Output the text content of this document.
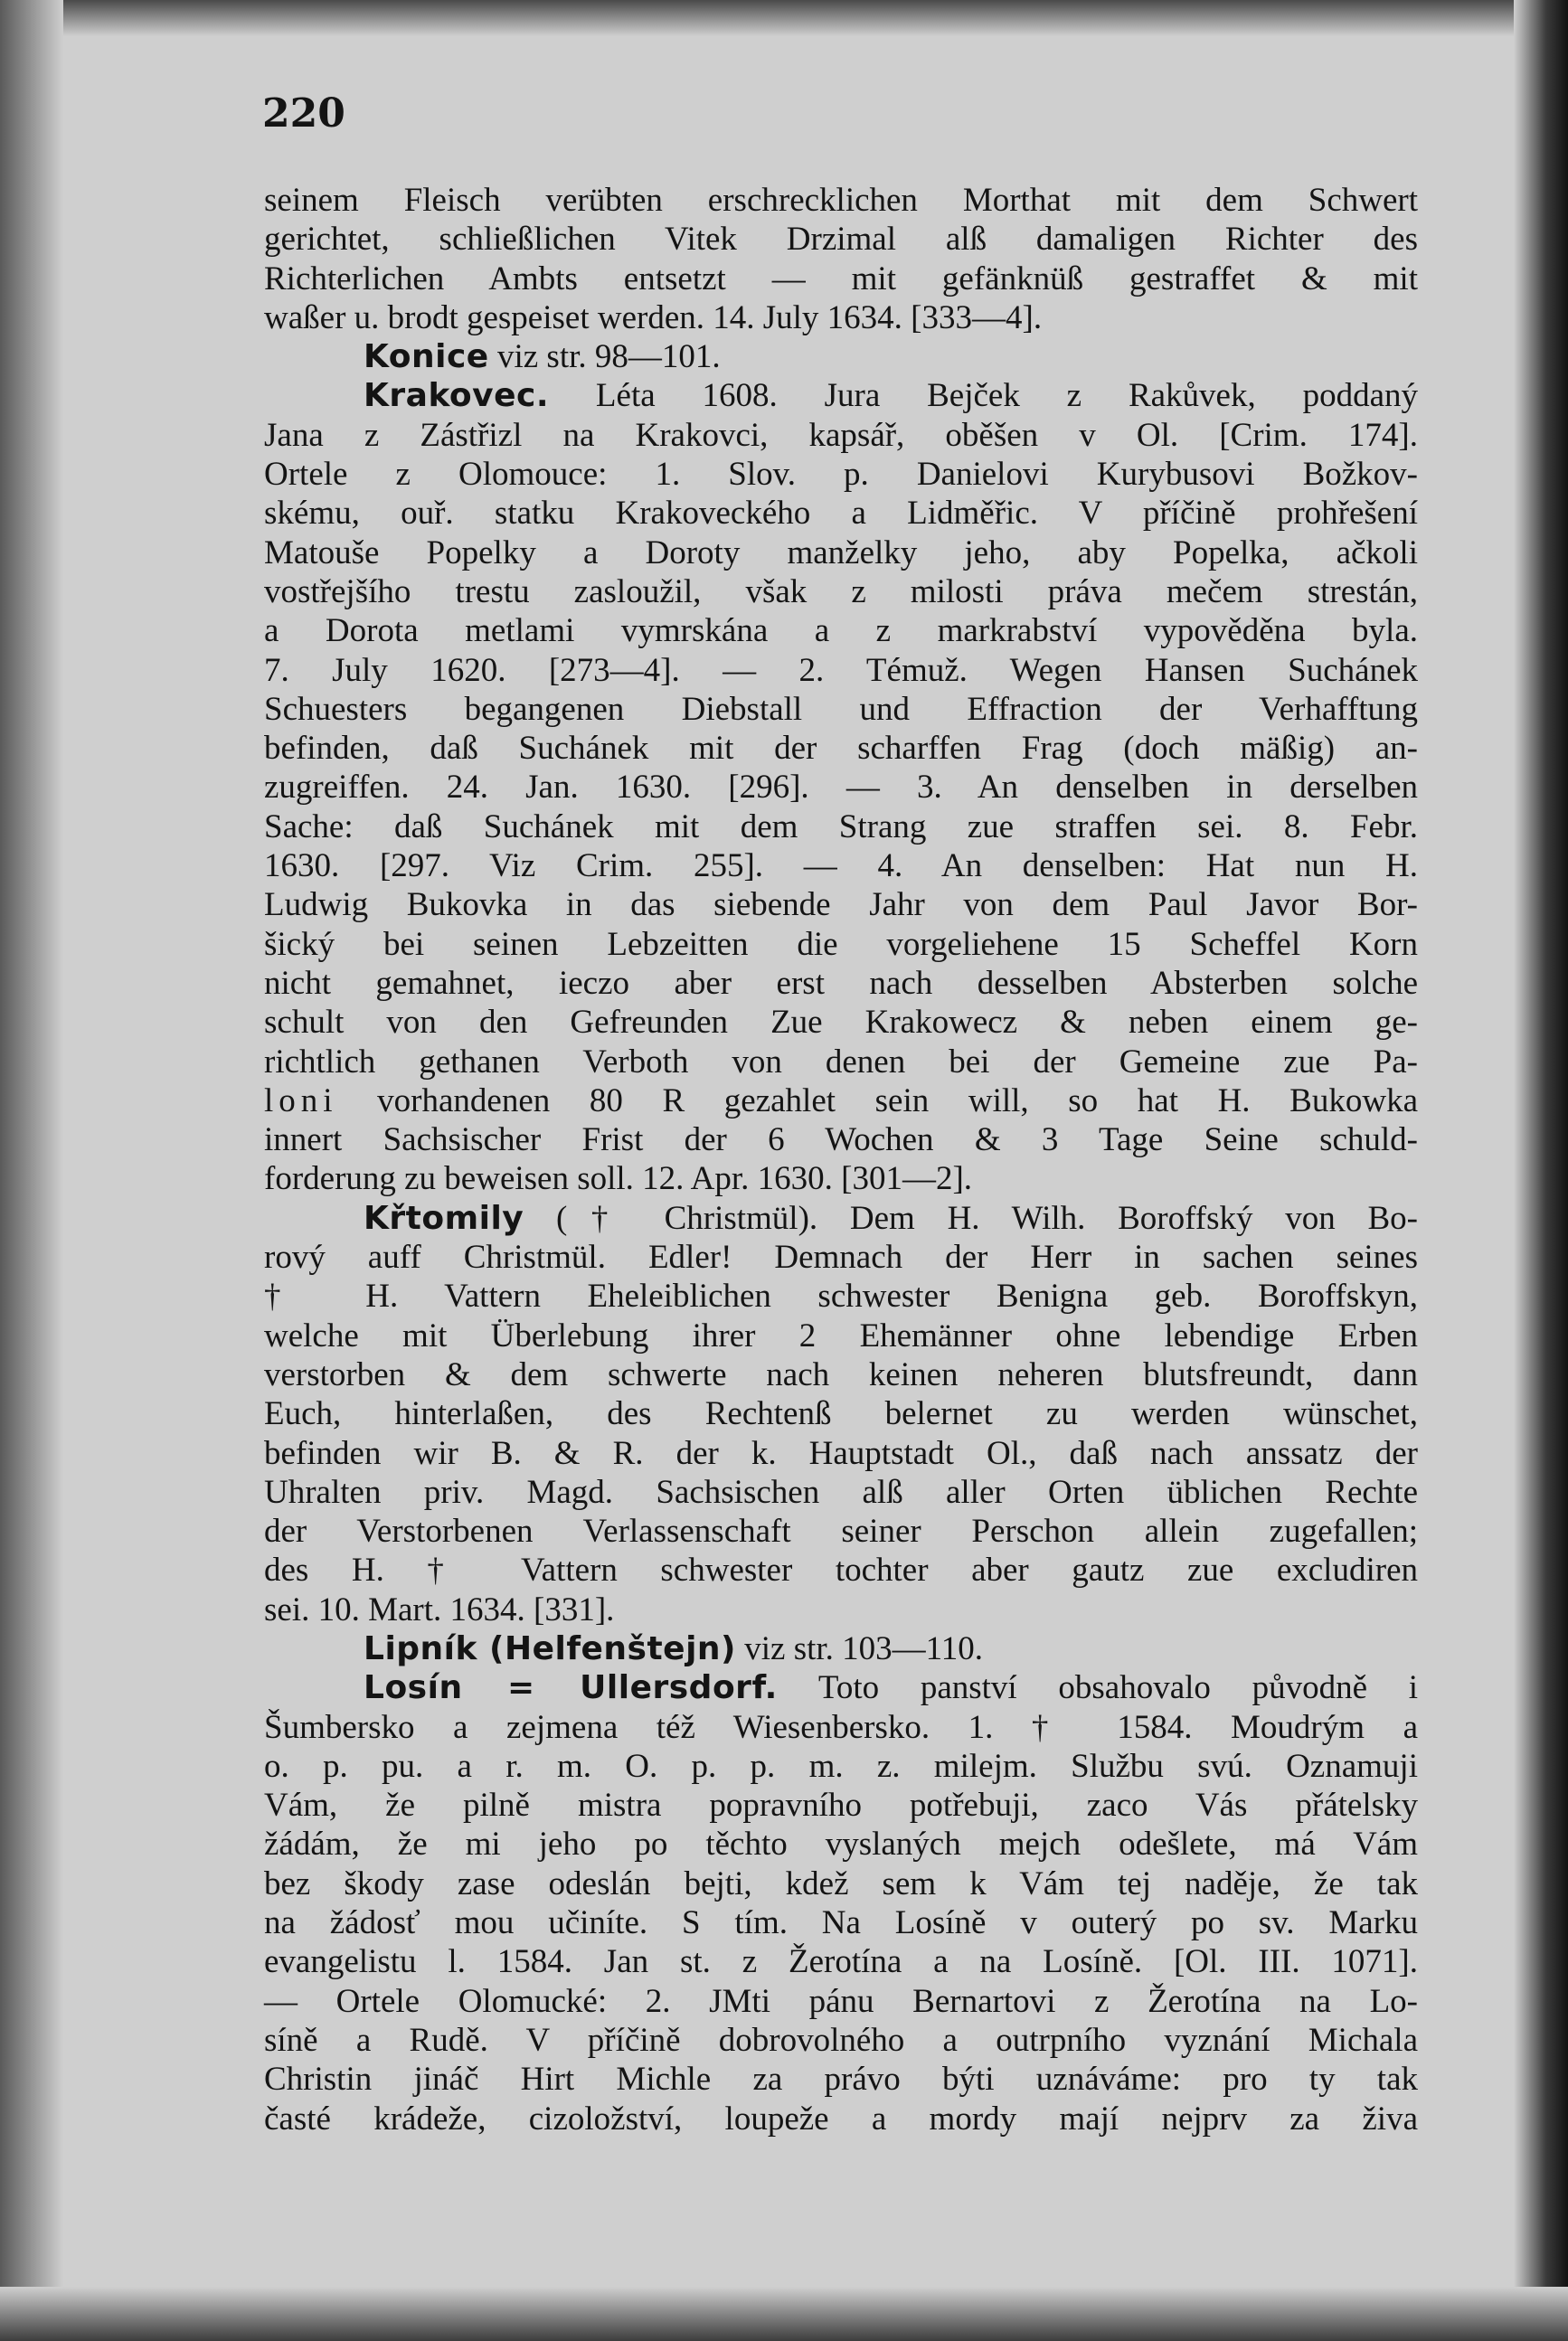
220
seinem Fleisch verübten erschrecklichen Morthat mit dem Schwert
gerichtet, schließlichen Vitek Drzimal alß damaligen Richter des
Richterlichen Ambts entsetzt — mit gefänknüß gestraffet & mit
waßer u. brodt gespeiset werden. 14. July 1634. [333—4].
Konice viz str. 98—101.
Krakovec. Léta 1608. Jura Bejček z Rakůvek, poddaný
Jana z Zástřizl na Krakovci, kapsář, oběšen v Ol. [Crim. 174].
Ortele z Olomouce: 1. Slov. p. Danielovi Kurybusovi Božkov-
skému, ouř. statku Krakoveckého a Lidměřic. V příčině prohřešení
Matouše Popelky a Doroty manželky jeho, aby Popelka, ačkoli
vostřejšího trestu zasloužil, však z milosti práva mečem strestán,
a Dorota metlami vymrskána a z markrabství vypověděna byla.
7. July 1620. [273—4]. — 2. Témuž. Wegen Hansen Suchánek
Schuesters begangenen Diebstall und Effraction der Verhafftung
befinden, daß Suchánek mit der scharffen Frag (doch mäßig) an-
zugreiffen. 24. Jan. 1630. [296]. — 3. An denselben in derselben
Sache: daß Suchánek mit dem Strang zue straffen sei. 8. Febr.
1630. [297. Viz Crim. 255]. — 4. An denselben: Hat nun H.
Ludwig Bukovka in das siebende Jahr von dem Paul Javor Bor-
šický bei seinen Lebzeitten die vorgeliehene 15 Scheffel Korn
nicht gemahnet, ieczo aber erst nach desselben Absterben solche
schult von den Gefreunden Zue Krakowecz & neben einem ge-
richtlich gethanen Verboth von denen bei der Gemeine zue Pa-
loni vorhandenen 80 R gezahlet sein will, so hat H. Bukowka
innert Sachsischer Frist der 6 Wochen & 3 Tage Seine schuld-
forderung zu beweisen soll. 12. Apr. 1630. [301—2].
Křtomily († Christmül). Dem H. Wilh. Boroffský von Bo-
rový auff Christmül. Edler! Demnach der Herr in sachen seines
† H. Vattern Eheleiblichen schwester Benigna geb. Boroffskyn,
welche mit Überlebung ihrer 2 Ehemänner ohne lebendige Erben
verstorben & dem schwerte nach keinen neheren blutsfreundt, dann
Euch, hinterlaßen, des Rechtenß belernet zu werden wünschet,
befinden wir B. & R. der k. Hauptstadt Ol., daß nach anssatz der
Uhralten priv. Magd. Sachsischen alß aller Orten üblichen Rechte
der Verstorbenen Verlassenschaft seiner Perschon allein zugefallen;
des H. † Vattern schwester tochter aber gautz zue excludiren
sei. 10. Mart. 1634. [331].
Lipník (Helfenštejn) viz str. 103—110.
Losín = Ullersdorf. Toto panství obsahovalo původně i
Šumbersko a zejmena též Wiesenbersko. 1. † 1584. Moudrým a
o. p. pu. a r. m. O. p. p. m. z. milejm. Službu svú. Oznamuji
Vám, že pilně mistra popravního potřebuji, zaco Vás přátelsky
žádám, že mi jeho po těchto vyslaných mejch odešlete, má Vám
bez škody zase odeslán bejti, kdež sem k Vám tej naděje, že tak
na žádosť mou učiníte. S tím. Na Losíně v outerý po sv. Marku
evangelistu l. 1584. Jan st. z Žerotína a na Losíně. [Ol. III. 1071].
— Ortele Olomucké: 2. JMti pánu Bernartovi z Žerotína na Lo-
síně a Rudě. V příčině dobrovolného a outrpního vyznání Michala
Christin jináč Hirt Michle za právo býti uznáváme: pro ty tak
časté krádeže, cizoložství, loupeže a mordy mají nejprv za živa
